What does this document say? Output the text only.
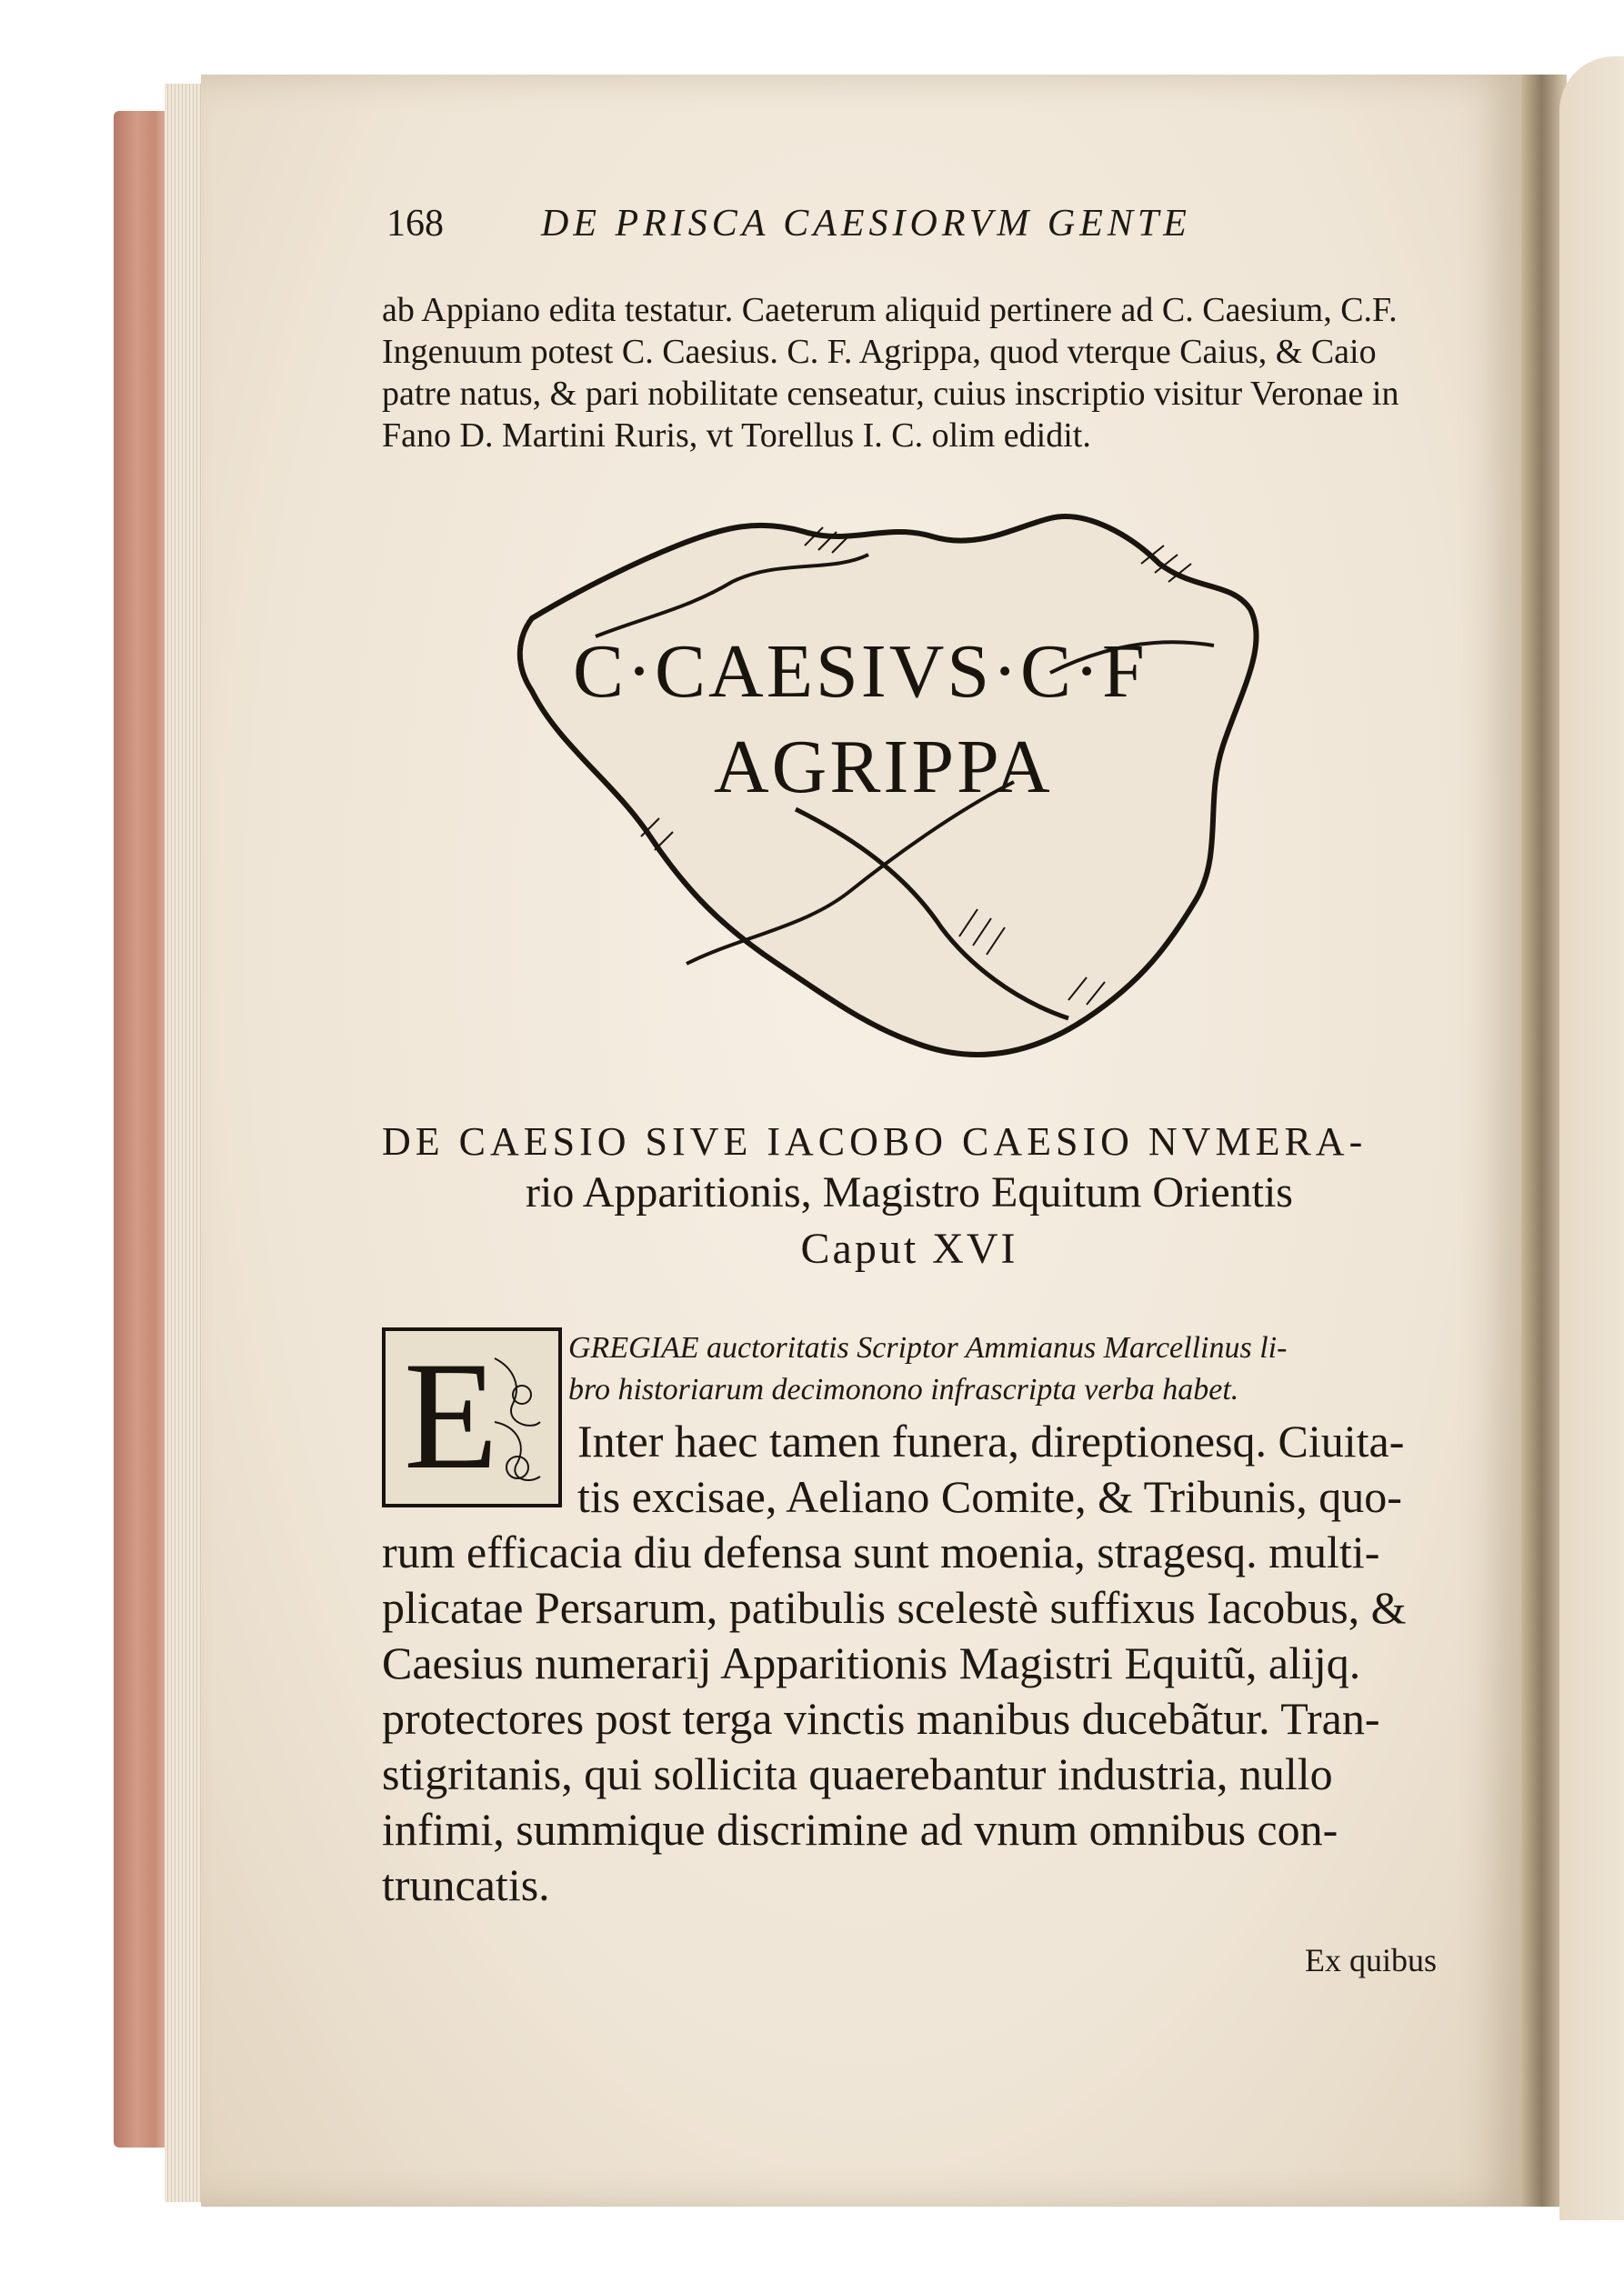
168	DE PRISCA CAESIORVM GENTE
ab Appiano edita testatur. Caeterum aliquid pertinere ad C. Caesium, C.F.
Ingenuum potest C. Caesius. C. F. Agrippa, quod vterque Caius, & Caio
patre natus, & pari nobilitate censeatur, cuius inscriptio visitur Veronae in
Fano D. Martini Ruris, vt Torellus I. C. olim edidit.
C·CAESIVS·C·F
AGRIPPA
DE CAESIO SIVE IACOBO CAESIO NVMERA-
rio Apparitionis, Magistro Equitum Orientis
Caput XVI
E GREGIAE auctoritatis Scriptor Ammianus Marcellinus li-
bro historiarum decimonono infrascripta verba habet.
Inter haec tamen funera, direptionesq. Ciuita-
tis excisae, Aeliano Comite, & Tribunis, quo-
rum efficacia diu defensa sunt moenia, stragesq. multi-
plicatae Persarum, patibulis scelestè suffixus Iacobus, &
Caesius numerarij Apparitionis Magistri Equitũ, alijq.
protectores post terga vinctis manibus ducebãtur. Tran-
stigritanis, qui sollicita quaerebantur industria, nullo
infimi, summique discrimine ad vnum omnibus con-
truncatis.
Ex quibus
